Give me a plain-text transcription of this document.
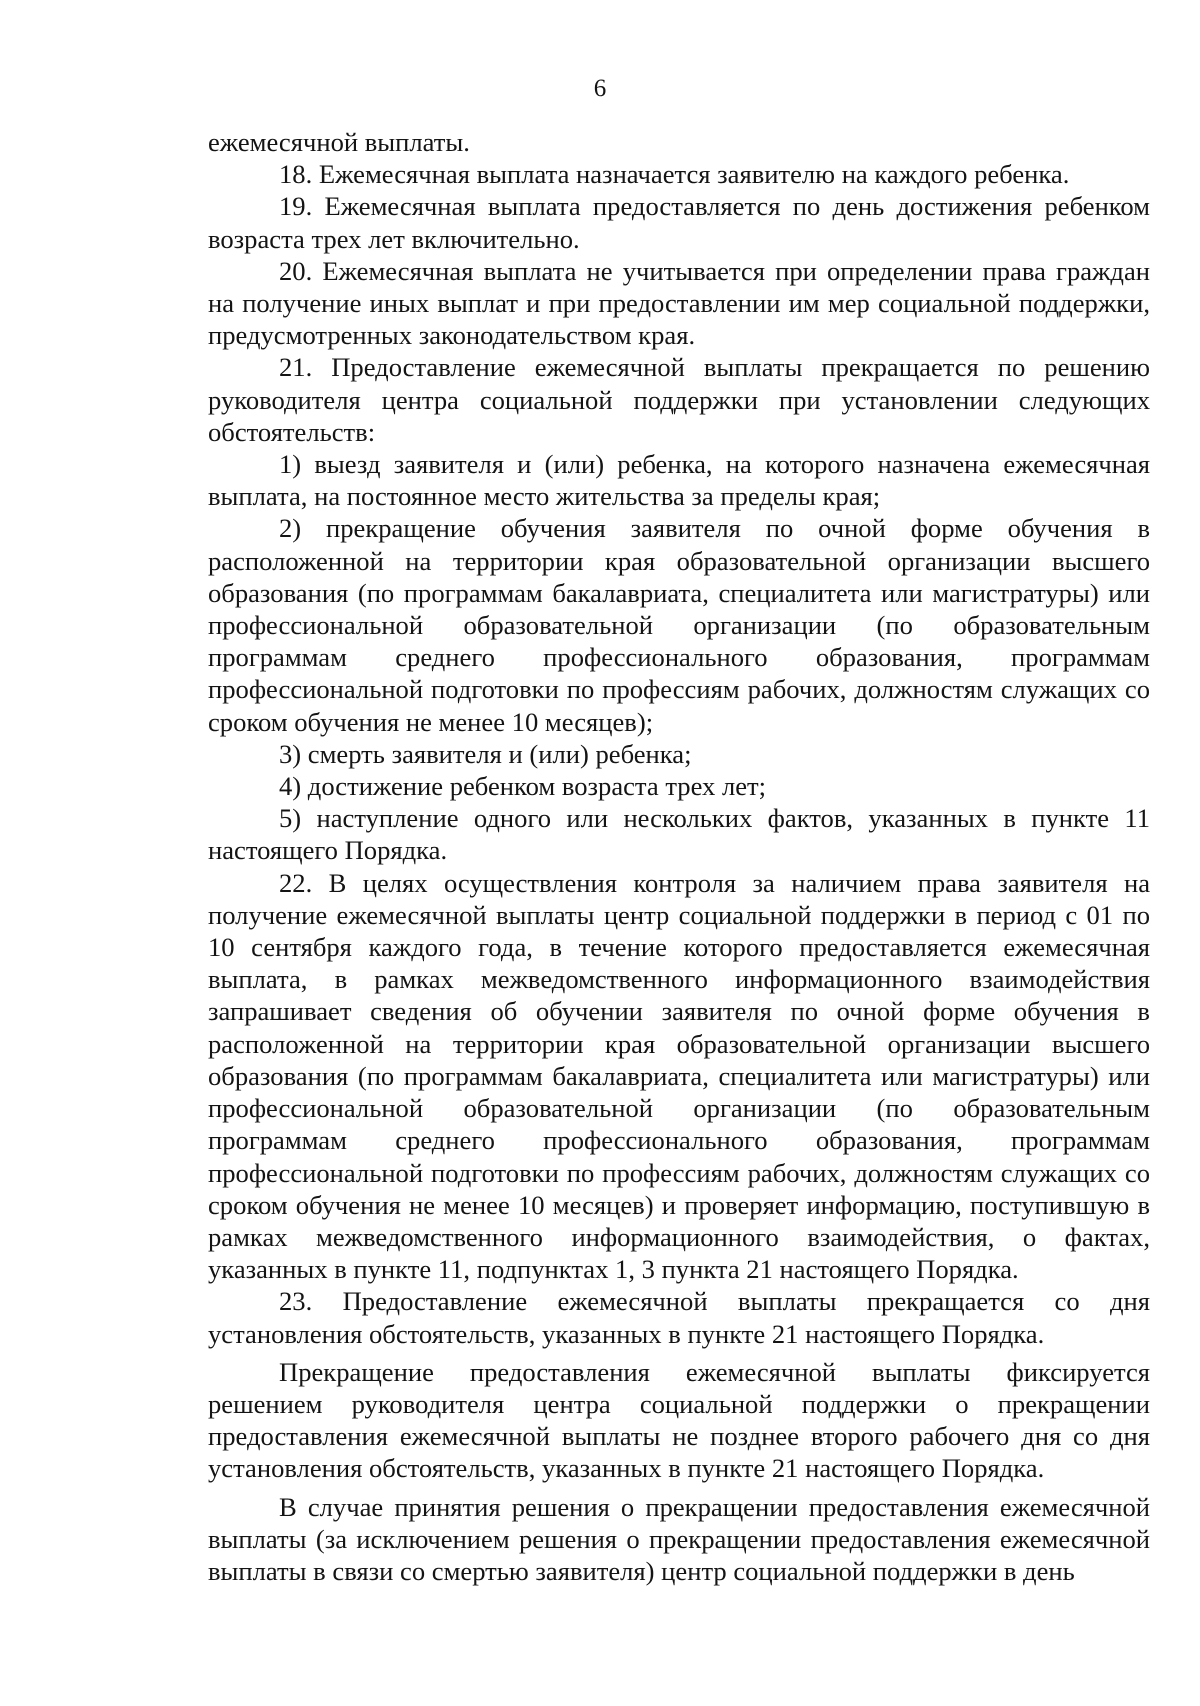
6

ежемесячной выплаты.

18. Ежемесячная выплата назначается заявителю на каждого ребенка.

19. Ежемесячная выплата предоставляется по день достижения ребенком возраста трех лет включительно.

20. Ежемесячная выплата не учитывается при определении права граждан на получение иных выплат и при предоставлении им мер социальной поддержки, предусмотренных законодательством края.

21. Предоставление ежемесячной выплаты прекращается по решению руководителя центра социальной поддержки при установлении следующих обстоятельств:

1) выезд заявителя и (или) ребенка, на которого назначена ежемесячная выплата, на постоянное место жительства за пределы края;

2) прекращение обучения заявителя по очной форме обучения в расположенной на территории края образовательной организации высшего образования (по программам бакалавриата, специалитета или магистратуры) или профессиональной образовательной организации (по образовательным программам среднего профессионального образования, программам профессиональной подготовки по профессиям рабочих, должностям служащих со сроком обучения не менее 10 месяцев);

3) смерть заявителя и (или) ребенка;

4) достижение ребенком возраста трех лет;

5) наступление одного или нескольких фактов, указанных в пункте 11 настоящего Порядка.

22. В целях осуществления контроля за наличием права заявителя на получение ежемесячной выплаты центр социальной поддержки в период с 01 по 10 сентября каждого года, в течение которого предоставляется ежемесячная выплата, в рамках межведомственного информационного взаимодействия запрашивает сведения об обучении заявителя по очной форме обучения в расположенной на территории края образовательной организации высшего образования (по программам бакалавриата, специалитета или магистратуры) или профессиональной образовательной организации (по образовательным программам среднего профессионального образования, программам профессиональной подготовки по профессиям рабочих, должностям служащих со сроком обучения не менее 10 месяцев) и проверяет информацию, поступившую в рамках межведомственного информационного взаимодействия, о фактах, указанных в пункте 11, подпунктах 1, 3 пункта 21 настоящего Порядка.

23. Предоставление ежемесячной выплаты прекращается со дня установления обстоятельств, указанных в пункте 21 настоящего Порядка.

Прекращение предоставления ежемесячной выплаты фиксируется решением руководителя центра социальной поддержки о прекращении предоставления ежемесячной выплаты не позднее второго рабочего дня со дня установления обстоятельств, указанных в пункте 21 настоящего Порядка.

В случае принятия решения о прекращении предоставления ежемесячной выплаты (за исключением решения о прекращении предоставления ежемесячной выплаты в связи со смертью заявителя) центр социальной поддержки в день
